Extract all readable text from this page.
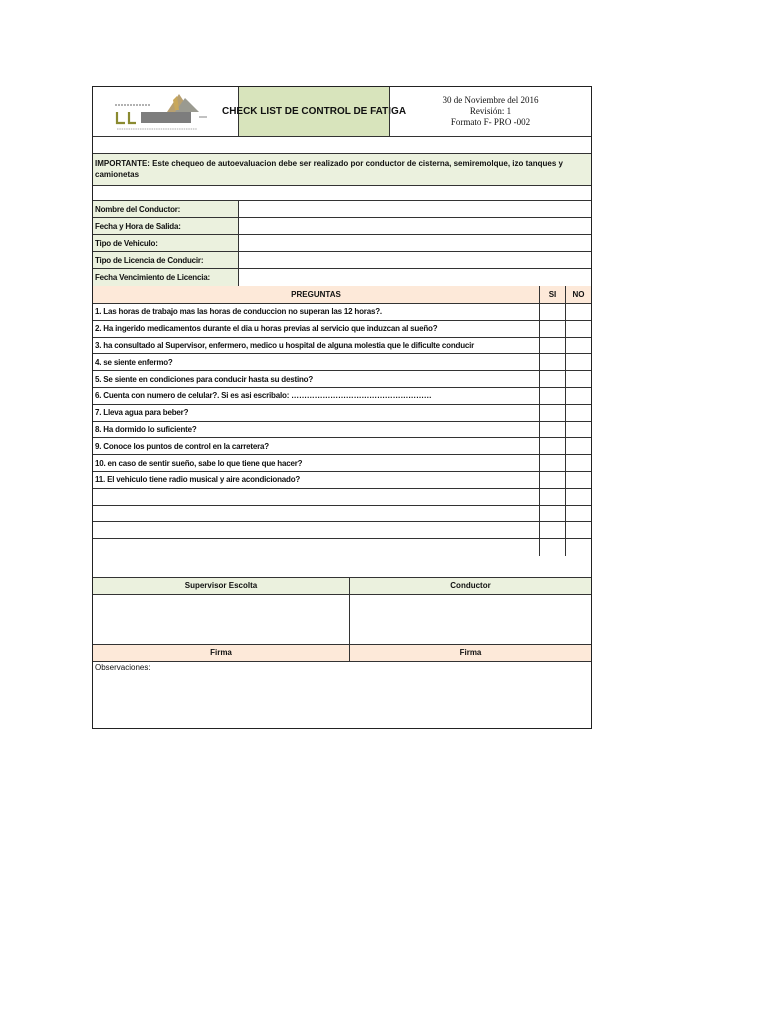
CHECK LIST DE CONTROL DE FATIGA
30 de Noviembre del 2016
Revisión: 1
Formato F- PRO -002
IMPORTANTE: Este chequeo de autoevaluacion debe ser realizado por conductor de cisterna, semiremolque, izo tanques y camionetas
Nombre del Conductor:
Fecha y Hora de Salida:
Tipo de Vehiculo:
Tipo de Licencia de Conducir:
Fecha Vencimiento de Licencia:
PREGUNTAS	SI	NO
1. Las horas de trabajo mas las horas de conduccion no superan las 12 horas?.
2. Ha ingerido medicamentos durante el dia u horas previas al servicio que induzcan al sueño?
3. ha consultado al Supervisor, enfermero, medico u hospital de alguna molestia que le dificulte conducir
4. se siente enfermo?
5. Se siente en condiciones para conducir hasta su destino?
6. Cuenta con numero de celular?. Si es asi escribalo: ………………………………………………
7. Lleva agua para beber?
8. Ha dormido lo suficiente?
9. Conoce los puntos de control en la carretera?
10. en caso de sentir sueño, sabe lo que tiene que hacer?
11. El vehiculo tiene radio musical y aire acondicionado?
Supervisor Escolta	Conductor
Firma	Firma
Observaciones:
